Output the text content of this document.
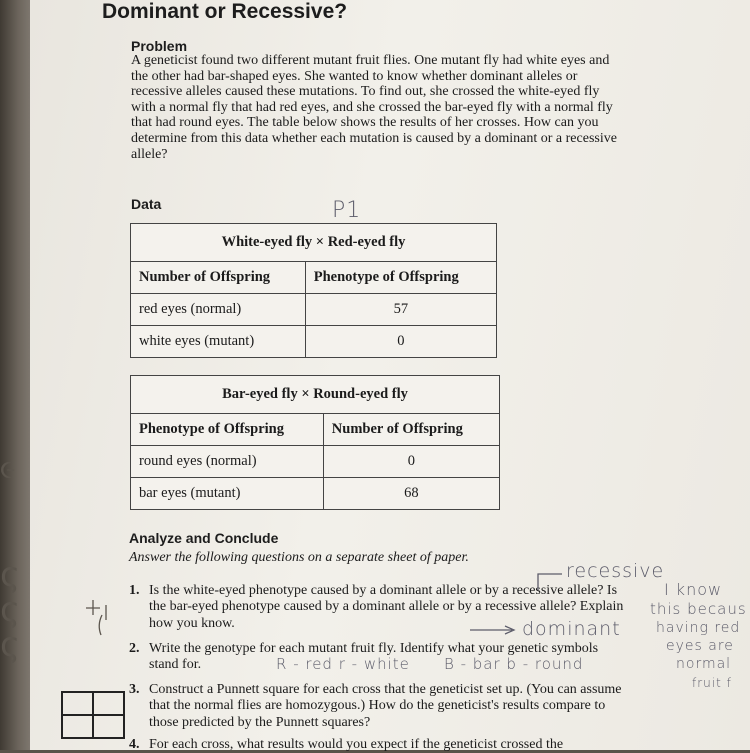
ς
ς
ς
૯
Dominant or Recessive?
Problem
A geneticist found two different mutant fruit flies. One mutant fly had white eyes and the other had bar-shaped eyes. She wanted to know whether dominant alleles or recessive alleles caused these mutations. To find out, she crossed the white-eyed fly with a normal fly that had red eyes, and she crossed the bar-eyed fly with a normal fly that had round eyes. The table below shows the results of her crosses. How can you determine from this data whether each mutation is caused by a dominant or a recessive allele?
Data	P1
White-eyed fly × Red-eyed fly	
Number of Offspring	Phenotype of Offspring
red eyes (normal)	57
white eyes (mutant)	0
Bar-eyed fly × Round-eyed fly	
Phenotype of Offspring	Number of Offspring
round eyes (normal)	0
bar eyes (mutant)	68
Analyze and Conclude
Answer the following questions on a separate sheet of paper.
1. Is the white-eyed phenotype caused by a dominant allele or by a recessive allele? Is the bar-eyed phenotype caused by a dominant allele or by a recessive allele? Explain how you know.
2. Write the genotype for each mutant fruit fly. Identify what your genetic symbols stand for.
3. Construct a Punnett square for each cross that the geneticist set up. (You can assume that the normal flies are homozygous.) How do the geneticist's results compare to those predicted by the Punnett squares?
4. For each cross, what results would you expect if the geneticist crossed the
recessive
dominant
I know
this becaus
having red
eyes are
normal
fruit f
R - red r - white B - bar b - round
